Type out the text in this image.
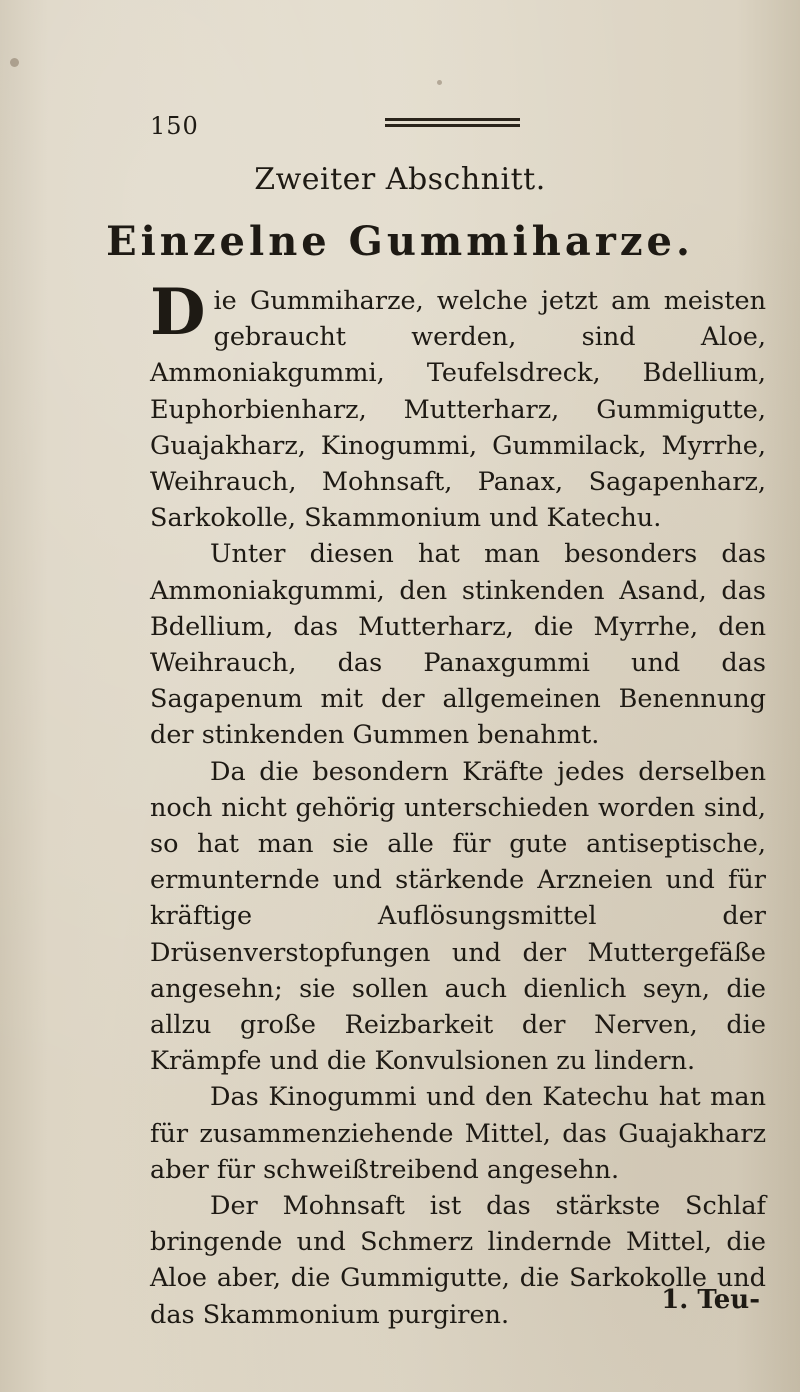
150
Zweiter Abschnitt.
Einzelne Gummiharze.

Die Gummiharze, welche jetzt am meisten gebraucht werden, sind Aloe, Ammoniakgummi, Teufelsdreck, Bdellium, Euphorbienharz, Mutterharz, Gummigutte, Guajakharz, Kinogummi, Gummilack, Myrrhe, Weihrauch, Mohnsaft, Panax, Sagapenharz, Sarkokolle, Skammonium und Katechu.

Unter diesen hat man besonders das Ammoniakgummi, den stinkenden Asand, das Bdellium, das Mutterharz, die Myrrhe, den Weihrauch, das Panaxgummi und das Sagapenum mit der allgemeinen Benennung der stinkenden Gummen benahmt.

Da die besondern Kräfte jedes derselben noch nicht gehörig unterschieden worden sind, so hat man sie alle für gute antiseptische, ermunternde und stärkende Arzneien und für kräftige Auflösungsmittel der Drüsenverstopfungen und der Muttergefäße angesehn; sie sollen auch dienlich seyn, die allzu große Reizbarkeit der Nerven, die Krämpfe und die Konvulsionen zu lindern.

Das Kinogummi und den Katechu hat man für zusammenziehende Mittel, das Guajakharz aber für schweißtreibend angesehn.

Der Mohnsaft ist das stärkste Schlaf bringende und Schmerz lindernde Mittel, die Aloe aber, die Gummigutte, die Sarkokolle und das Skammonium purgiren.	1. Teu-
